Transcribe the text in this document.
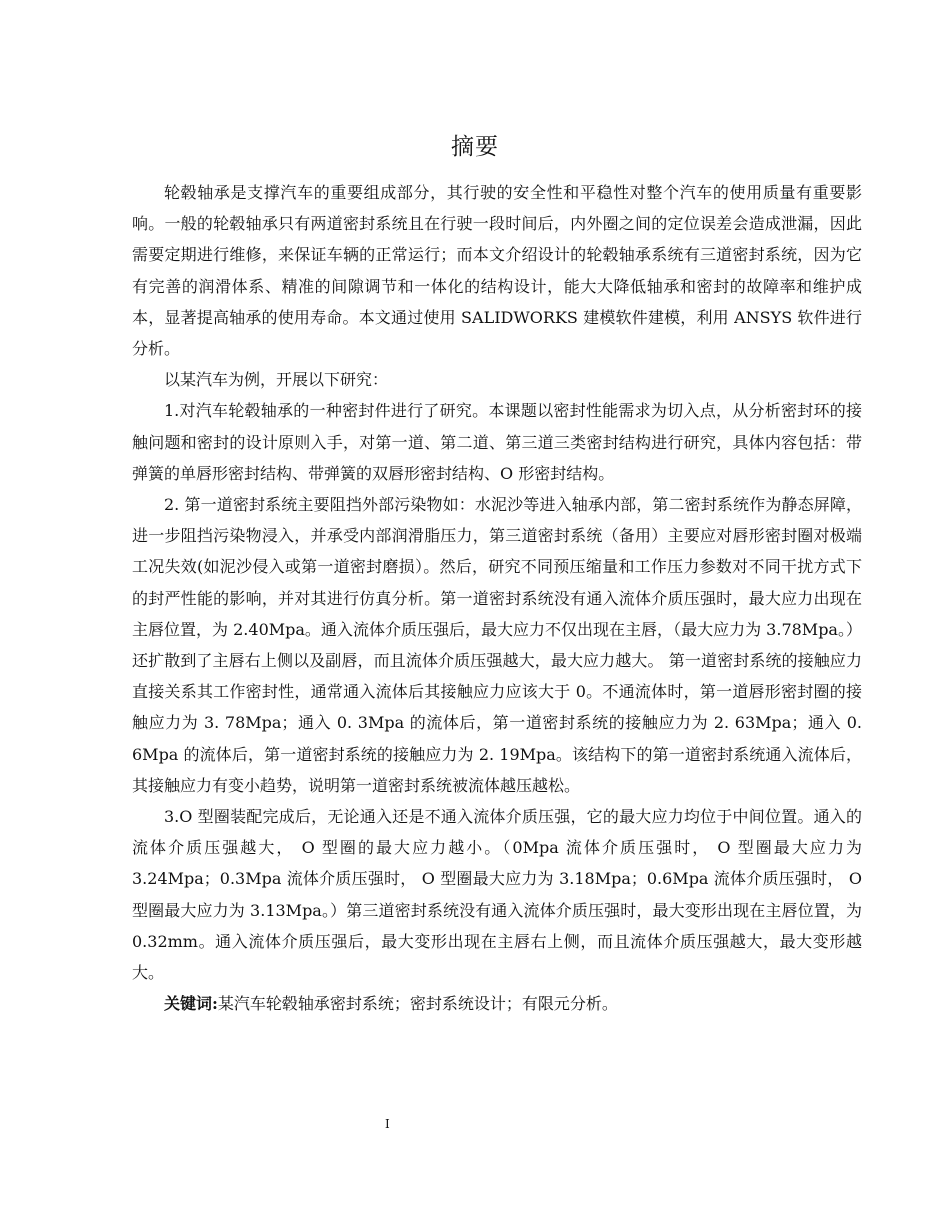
摘要

轮毂轴承是支撑汽车的重要组成部分，其行驶的安全性和平稳性对整个汽车的使用质量有重要影响。一般的轮毂轴承只有两道密封系统且在行驶一段时间后，内外圈之间的定位误差会造成泄漏，因此需要定期进行维修，来保证车辆的正常运行；而本文介绍设计的轮毂轴承系统有三道密封系统，因为它有完善的润滑体系、精准的间隙调节和一体化的结构设计，能大大降低轴承和密封的故障率和维护成本，显著提高轴承的使用寿命。本文通过使用 SALIDWORKS 建模软件建模，利用 ANSYS 软件进行分析。

以某汽车为例，开展以下研究：

1.对汽车轮毂轴承的一种密封件进行了研究。本课题以密封性能需求为切入点，从分析密封环的接触问题和密封的设计原则入手，对第一道、第二道、第三道三类密封结构进行研究，具体内容包括：带弹簧的单唇形密封结构、带弹簧的双唇形密封结构、O 形密封结构。

2. 第一道密封系统主要阻挡外部污染物如：水泥沙等进入轴承内部，第二密封系统作为静态屏障，进一步阻挡污染物浸入，并承受内部润滑脂压力，第三道密封系统（备用）主要应对唇形密封圈对极端工况失效(如泥沙侵入或第一道密封磨损）。然后，研究不同预压缩量和工作压力参数对不同干扰方式下的封严性能的影响，并对其进行仿真分析。第一道密封系统没有通入流体介质压强时，最大应力出现在主唇位置，为 2.40Mpa。通入流体介质压强后，最大应力不仅出现在主唇，（最大应力为 3.78Mpa。）还扩散到了主唇右上侧以及副唇，而且流体介质压强越大，最大应力越大。 第一道密封系统的接触应力直接关系其工作密封性，通常通入流体后其接触应力应该大于 0。不通流体时，第一道唇形密封圈的接触应力为 3. 78Mpa；通入 0. 3Mpa 的流体后，第一道密封系统的接触应力为 2. 63Mpa；通入 0. 6Mpa 的流体后，第一道密封系统的接触应力为 2. 19Mpa。该结构下的第一道密封系统通入流体后，其接触应力有变小趋势，说明第一道密封系统被流体越压越松。

3.O 型圈装配完成后，无论通入还是不通入流体介质压强，它的最大应力均位于中间位置。通入的流体介质压强越大， O 型圈的最大应力越小。（0Mpa 流体介质压强时， O 型圈最大应力为 3.24Mpa；0.3Mpa 流体介质压强时， O 型圈最大应力为 3.18Mpa；0.6Mpa 流体介质压强时， O 型圈最大应力为 3.13Mpa。）第三道密封系统没有通入流体介质压强时，最大变形出现在主唇位置，为 0.32mm。通入流体介质压强后，最大变形出现在主唇右上侧，而且流体介质压强越大，最大变形越大。

关键词:某汽车轮毂轴承密封系统；密封系统设计；有限元分析。

I
